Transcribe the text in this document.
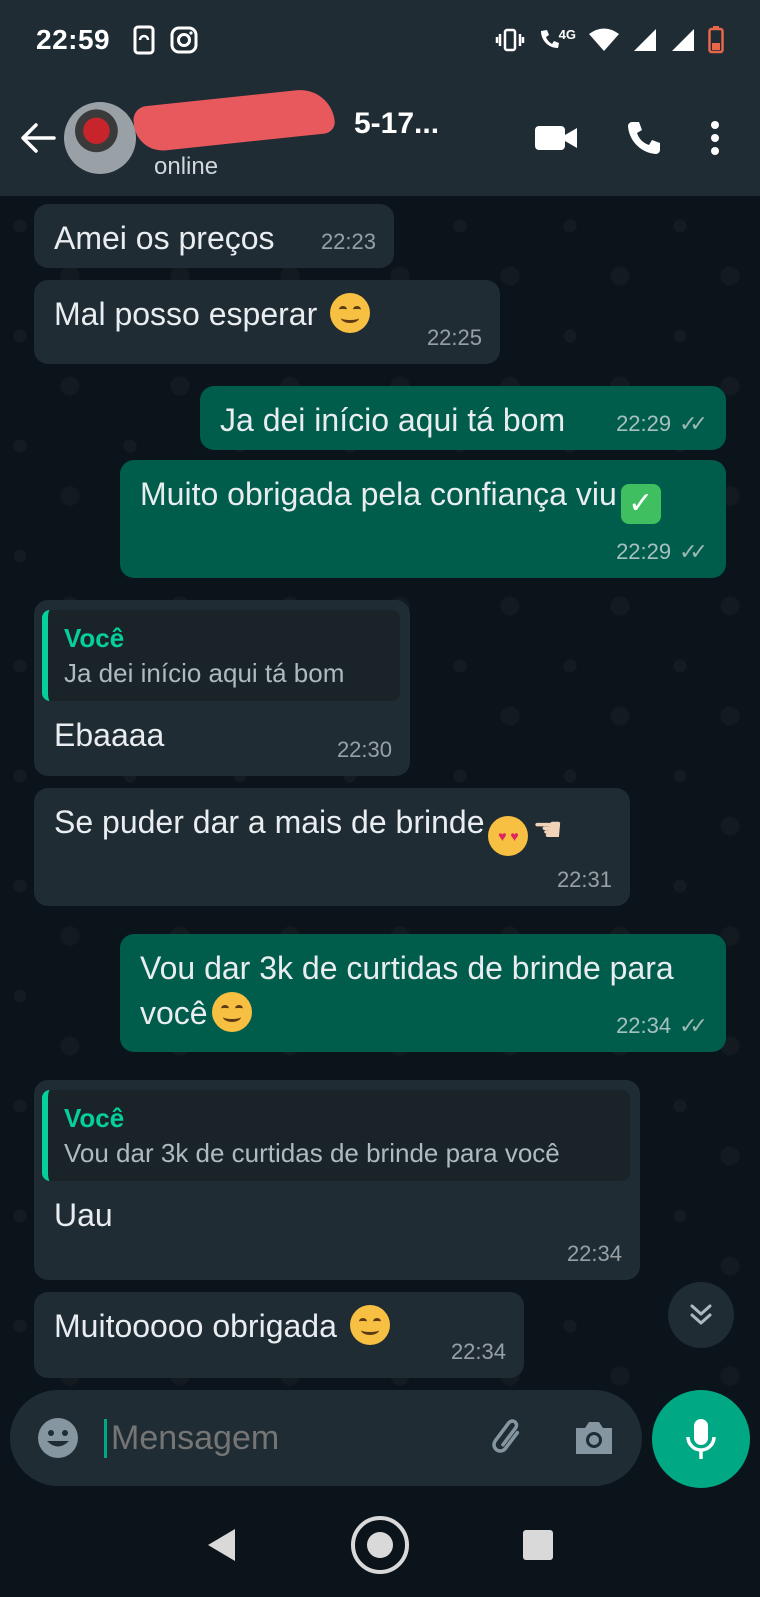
22:59	4G
5-17...
online
Amei os preços	22:23
Mal posso esperar
22:25
Ja dei início aqui tá bom	22:29 ✓✓
Muito obrigada pela confiança viu ✓
22:29 ✓✓
Você
Ja dei início aqui tá bom
Ebaaaa	22:30
Se puder dar a mais de brinde ♥ ♥ ☚
22:31
Vou dar 3k de curtidas de brinde para você	22:34 ✓✓
Você
Vou dar 3k de curtidas de brinde para você
Uau
22:34
Muitooooo obrigada
22:34
Mensagem
